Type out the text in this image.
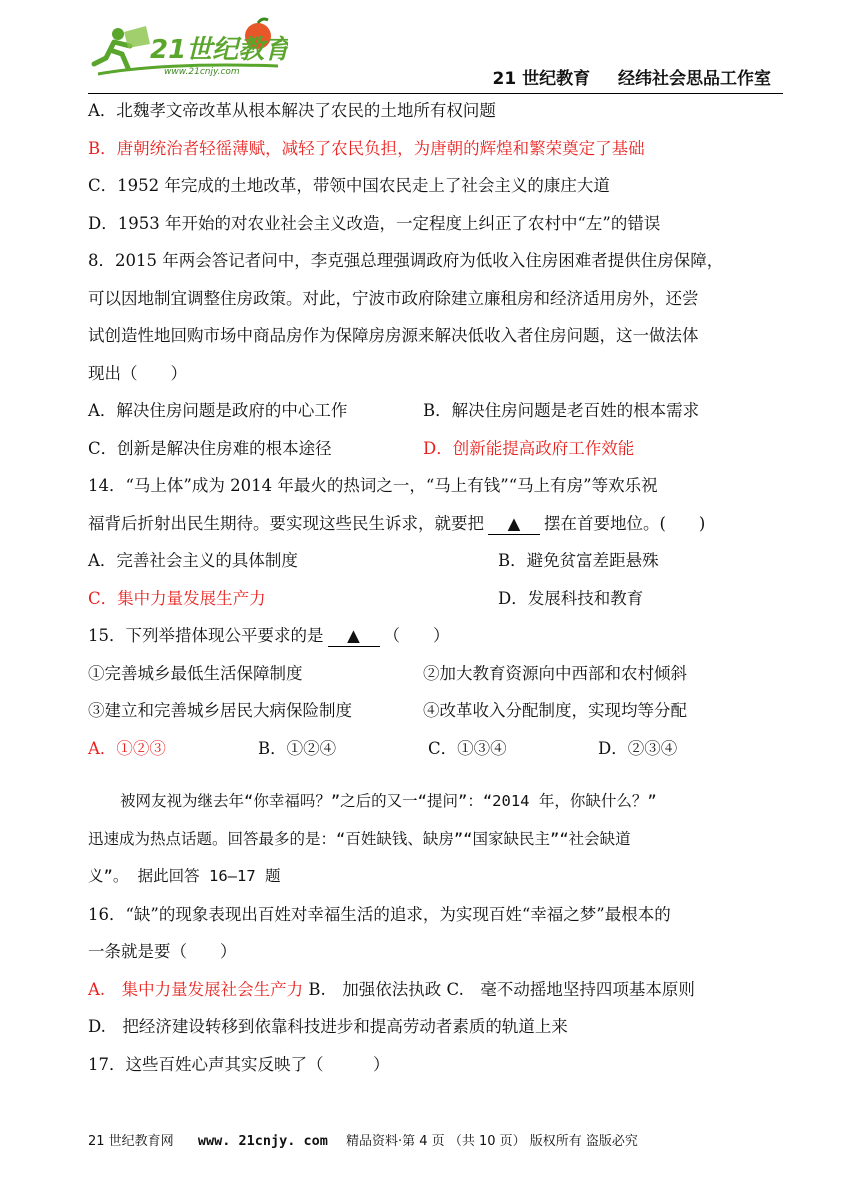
21世纪教育
www.21cnjy.com	21 世纪教育 经纬社会思品工作室
A．北魏孝文帝改革从根本解决了农民的土地所有权问题
B．唐朝统治者轻徭薄赋，减轻了农民负担，为唐朝的辉煌和繁荣奠定了基础
C．1952 年完成的土地改革，带领中国农民走上了社会主义的康庄大道
D．1953 年开始的对农业社会主义改造，一定程度上纠正了农村中“左”的错误
8．2015 年两会答记者问中，李克强总理强调政府为低收入住房困难者提供住房保障，
可以因地制宜调整住房政策。对此，宁波市政府除建立廉租房和经济适用房外，还尝
试创造性地回购市场中商品房作为保障房房源来解决低收入者住房问题，这一做法体
现出（　　）
A．解决住房问题是政府的中心工作	B．解决住房问题是老百姓的根本需求
C．创新是解决住房难的根本途径	D．创新能提高政府工作效能
14．“马上体”成为 2014 年最火的热词之一，“马上有钱”“马上有房”等欢乐祝
福背后折射出民生期待。要实现这些民生诉求，就要把 ▲ 摆在首要地位。(　　)
A．完善社会主义的具体制度	B．避免贫富差距悬殊
C．集中力量发展生产力	D．发展科技和教育
15．下列举措体现公平要求的是 ▲ （　　）
①完善城乡最低生活保障制度	②加大教育资源向中西部和农村倾斜
③建立和完善城乡居民大病保险制度	④改革收入分配制度，实现均等分配
A．①②③	B．①②④	C．①③④	D．②③④
被网友视为继去年“你幸福吗？”之后的又一“提问”：“2014 年，你缺什么？”
迅速成为热点话题。回答最多的是：“百姓缺钱、缺房”“国家缺民主”“社会缺道
义”。 据此回答 16—17 题
16．“缺”的现象表现出百姓对幸福生活的追求，为实现百姓“幸福之梦”最根本的
一条就是要（　　）
A.　集中力量发展社会生产力 B.　加强依法执政 C.　毫不动摇地坚持四项基本原则
D.　把经济建设转移到依靠科技进步和提高劳动者素质的轨道上来
17．这些百姓心声其实反映了（　　　）
21 世纪教育网 www. 21cnjy. com 精品资料·第 4 页 （共 10 页） 版权所有 盗版必究
